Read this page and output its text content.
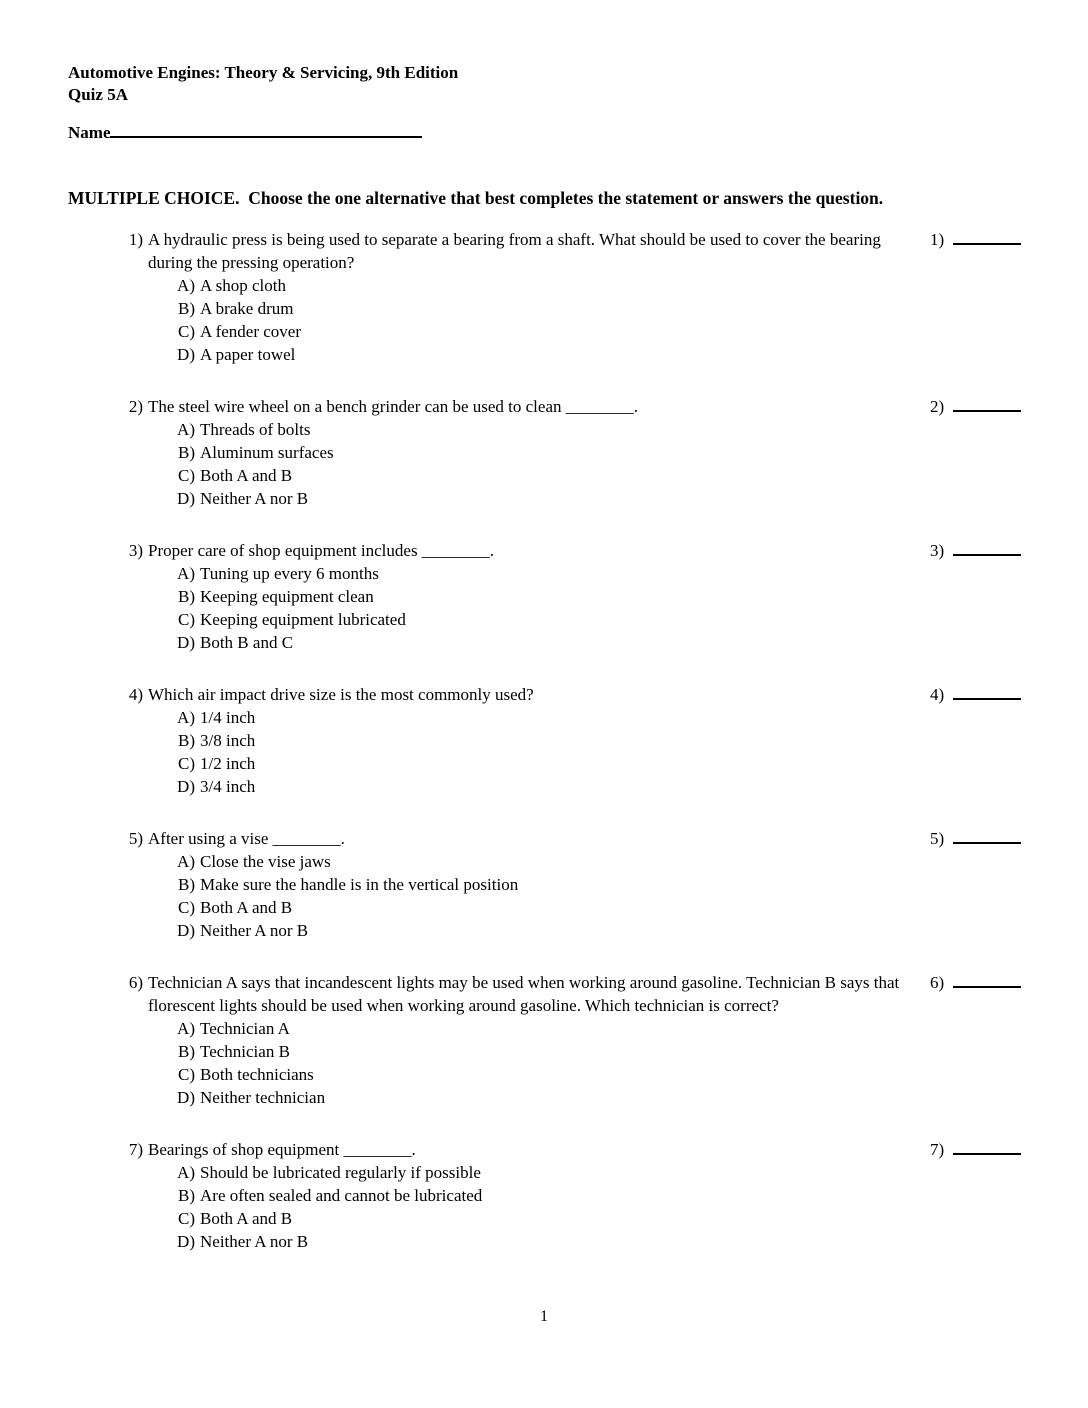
Automotive Engines: Theory & Servicing, 9th Edition
Quiz 5A
Name
MULTIPLE CHOICE.  Choose the one alternative that best completes the statement or answers the question.
1) A hydraulic press is being used to separate a bearing from a shaft. What should be used to cover the bearing during the pressing operation?
A) A shop cloth
B) A brake drum
C) A fender cover
D) A paper towel
1)
2) The steel wire wheel on a bench grinder can be used to clean ________.
A) Threads of bolts
B) Aluminum surfaces
C) Both A and B
D) Neither A nor B
2)
3) Proper care of shop equipment includes ________.
A) Tuning up every 6 months
B) Keeping equipment clean
C) Keeping equipment lubricated
D) Both B and C
3)
4) Which air impact drive size is the most commonly used?
A) 1/4 inch
B) 3/8 inch
C) 1/2 inch
D) 3/4 inch
4)
5) After using a vise ________.
A) Close the vise jaws
B) Make sure the handle is in the vertical position
C) Both A and B
D) Neither A nor B
5)
6) Technician A says that incandescent lights may be used when working around gasoline. Technician B says that florescent lights should be used when working around gasoline. Which technician is correct?
A) Technician A
B) Technician B
C) Both technicians
D) Neither technician
6)
7) Bearings of shop equipment ________.
A) Should be lubricated regularly if possible
B) Are often sealed and cannot be lubricated
C) Both A and B
D) Neither A nor B
7)
1
